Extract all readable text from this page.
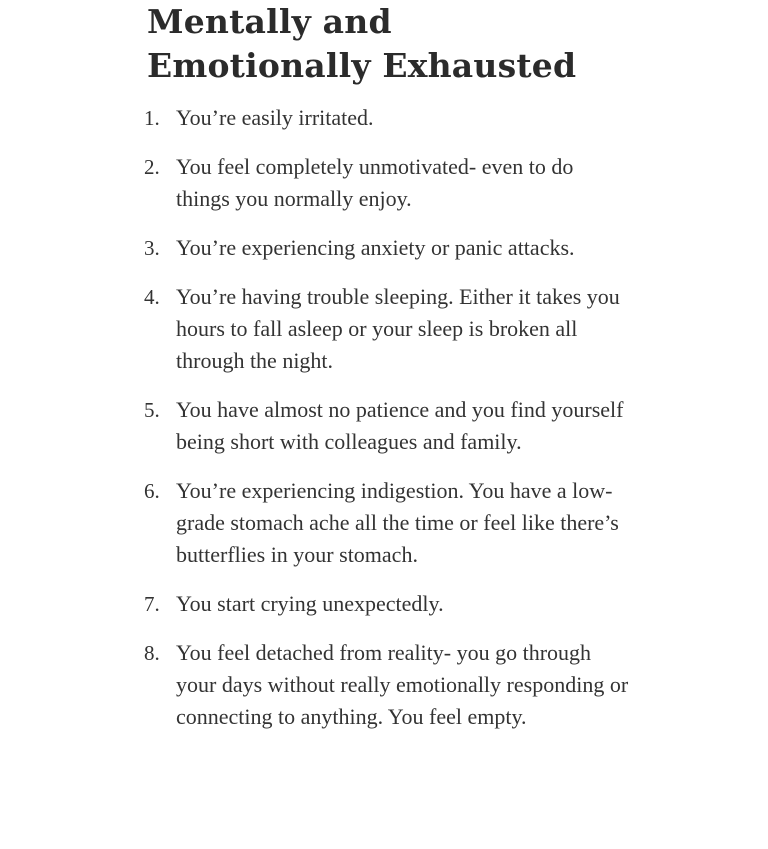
Mentally and
Emotionally Exhausted
1. You’re easily irritated.
2. You feel completely unmotivated- even to do things you normally enjoy.
3. You’re experiencing anxiety or panic attacks.
4. You’re having trouble sleeping. Either it takes you hours to fall asleep or your sleep is broken all through the night.
5. You have almost no patience and you find yourself being short with colleagues and family.
6. You’re experiencing indigestion. You have a low-grade stomach ache all the time or feel like there’s butterflies in your stomach.
7. You start crying unexpectedly.
8. You feel detached from reality- you go through your days without really emotionally responding or connecting to anything. You feel empty.
